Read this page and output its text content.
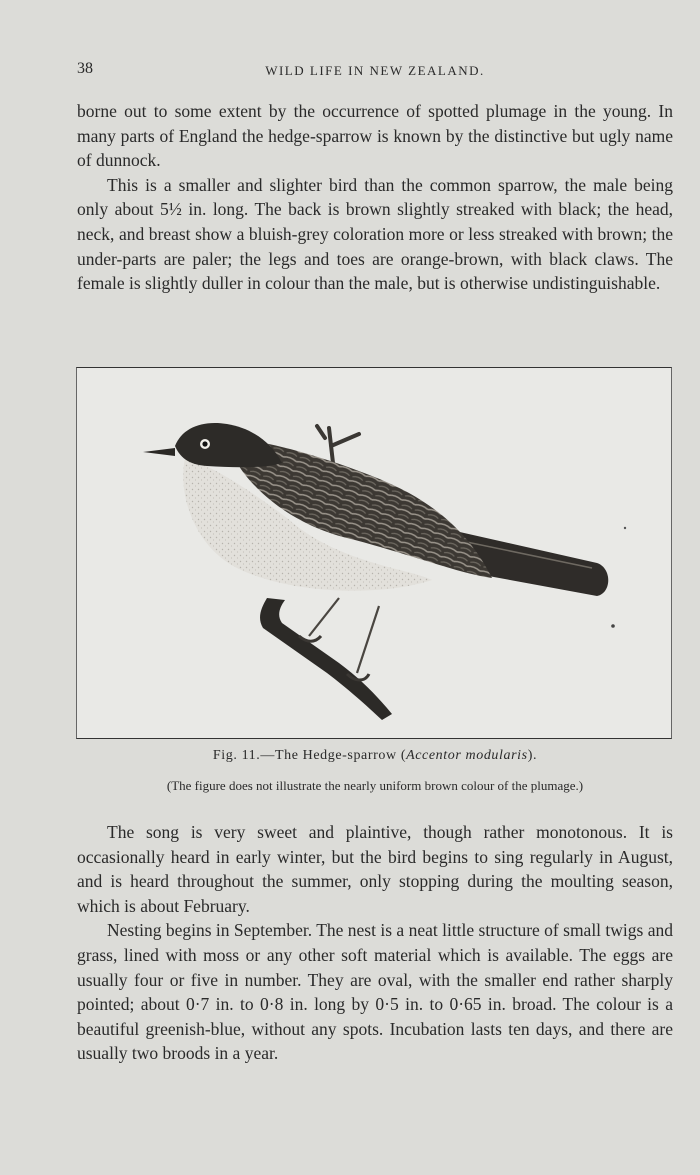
38	WILD LIFE IN NEW ZEALAND.

borne out to some extent by the occurrence of spotted plumage in the young. In many parts of England the hedge-sparrow is known by the distinctive but ugly name of dunnock.

This is a smaller and slighter bird than the common sparrow, the male being only about 5½ in. long. The back is brown slightly streaked with black; the head, neck, and breast show a bluish-grey coloration more or less streaked with brown; the under-parts are paler; the legs and toes are orange-brown, with black claws. The female is slightly duller in colour than the male, but is otherwise undistinguishable.

Fig. 11.—The Hedge-sparrow (Accentor modularis).
(The figure does not illustrate the nearly uniform brown colour of the plumage.)

The song is very sweet and plaintive, though rather monotonous. It is occasionally heard in early winter, but the bird begins to sing regularly in August, and is heard throughout the summer, only stopping during the moulting season, which is about February.

Nesting begins in September. The nest is a neat little structure of small twigs and grass, lined with moss or any other soft material which is available. The eggs are usually four or five in number. They are oval, with the smaller end rather sharply pointed; about 0·7 in. to 0·8 in. long by 0·5 in. to 0·65 in. broad. The colour is a beautiful greenish-blue, without any spots. Incubation lasts ten days, and there are usually two broods in a year.
